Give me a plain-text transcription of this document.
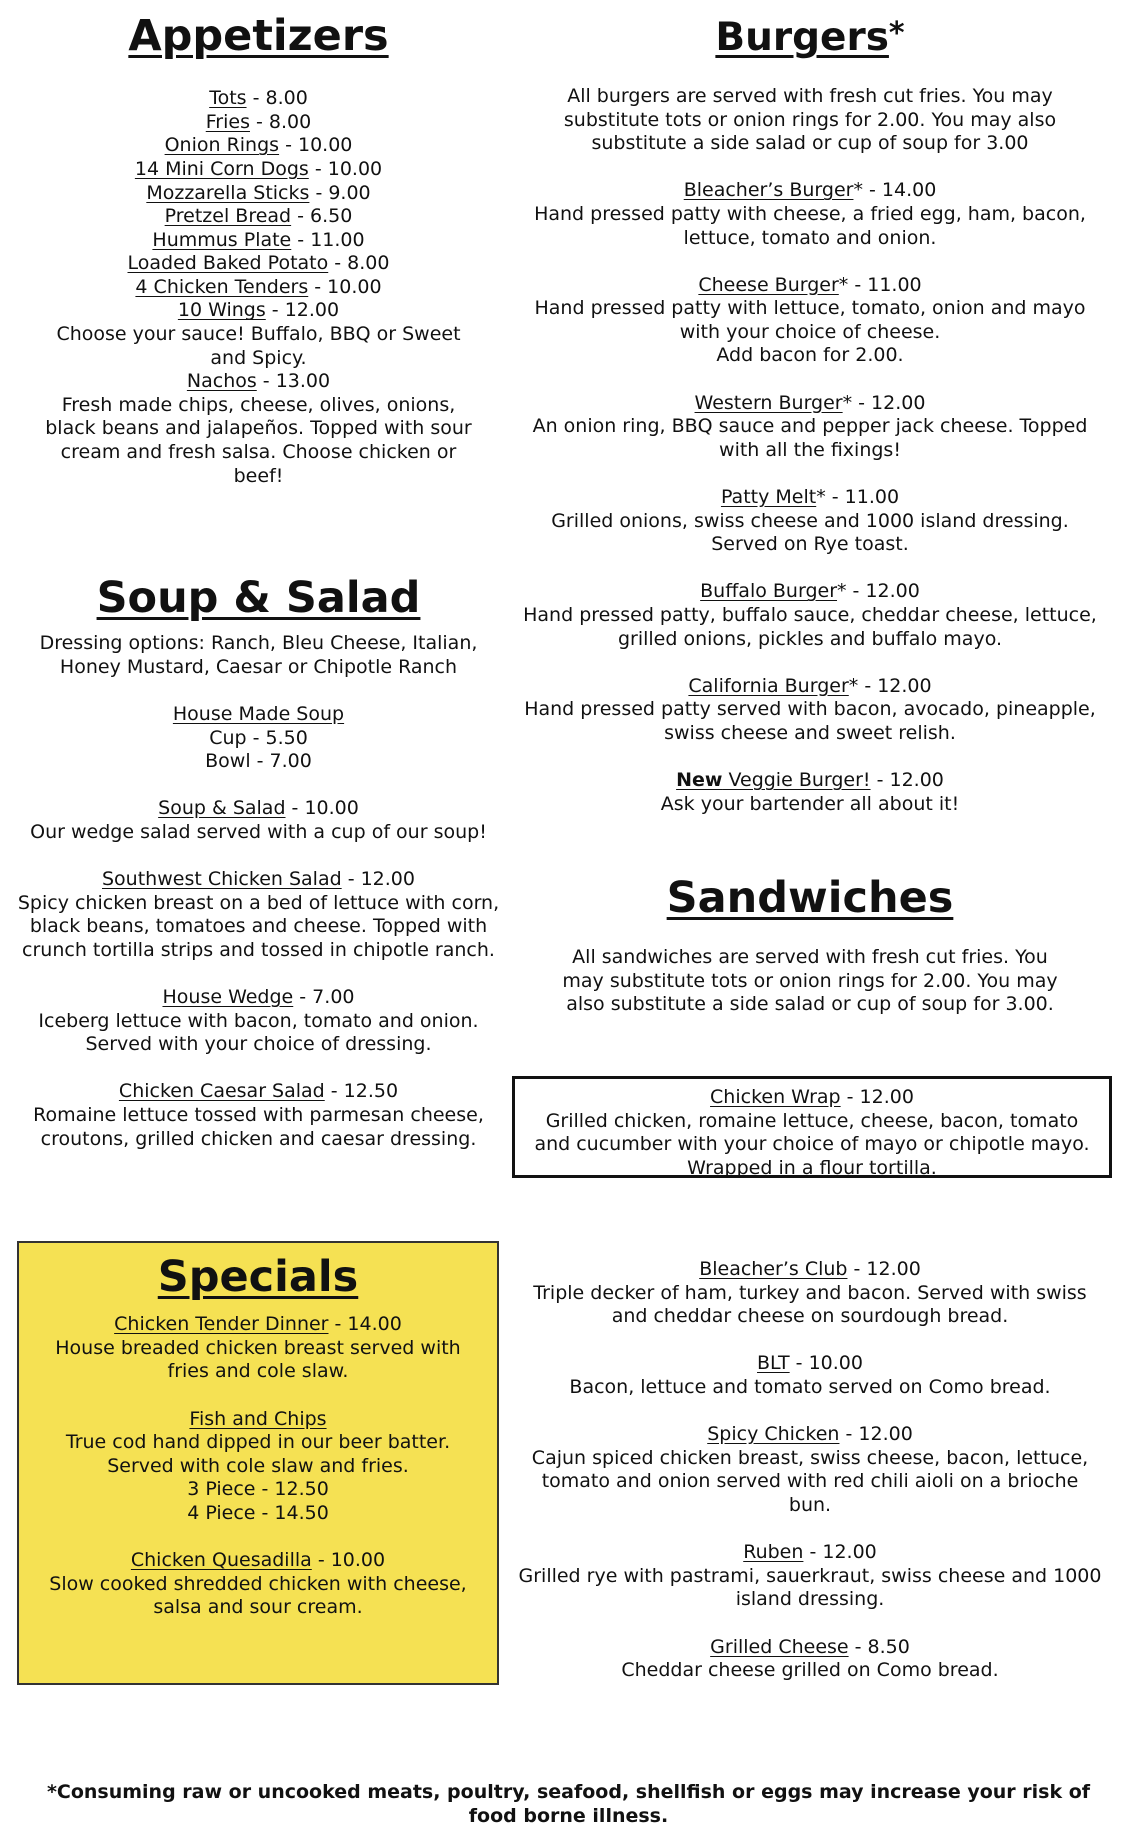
Appetizers
Tots - 8.00
Fries - 8.00
Onion Rings - 10.00
14 Mini Corn Dogs - 10.00
Mozzarella Sticks - 9.00
Pretzel Bread - 6.50
Hummus Plate - 11.00
Loaded Baked Potato - 8.00
4 Chicken Tenders - 10.00
10 Wings - 12.00
Choose your sauce! Buffalo, BBQ or Sweet and Spicy.
Nachos - 13.00
Fresh made chips, cheese, olives, onions, black beans and jalapeños. Topped with sour cream and fresh salsa. Choose chicken or beef!
Soup & Salad
Dressing options: Ranch, Bleu Cheese, Italian, Honey Mustard, Caesar or Chipotle Ranch
House Made Soup
Cup - 5.50
Bowl - 7.00
Soup & Salad - 10.00
Our wedge salad served with a cup of our soup!
Southwest Chicken Salad - 12.00
Spicy chicken breast on a bed of lettuce with corn, black beans, tomatoes and cheese. Topped with crunch tortilla strips and tossed in chipotle ranch.
House Wedge - 7.00
Iceberg lettuce with bacon, tomato and onion. Served with your choice of dressing.
Chicken Caesar Salad - 12.50
Romaine lettuce tossed with parmesan cheese, croutons, grilled chicken and caesar dressing.
Specials
Chicken Tender Dinner - 14.00
House breaded chicken breast served with fries and cole slaw.
Fish and Chips
True cod hand dipped in our beer batter. Served with cole slaw and fries.
3 Piece - 12.50
4 Piece - 14.50
Chicken Quesadilla - 10.00
Slow cooked shredded chicken with cheese, salsa and sour cream.
Burgers*
All burgers are served with fresh cut fries. You may substitute tots or onion rings for 2.00. You may also substitute a side salad or cup of soup for 3.00
Bleacher’s Burger* - 14.00
Hand pressed patty with cheese, a fried egg, ham, bacon, lettuce, tomato and onion.
Cheese Burger* - 11.00
Hand pressed patty with lettuce, tomato, onion and mayo with your choice of cheese.
Add bacon for 2.00.
Western Burger* - 12.00
An onion ring, BBQ sauce and pepper jack cheese. Topped with all the fixings!
Patty Melt* - 11.00
Grilled onions, swiss cheese and 1000 island dressing. Served on Rye toast.
Buffalo Burger* - 12.00
Hand pressed patty, buffalo sauce, cheddar cheese, lettuce, grilled onions, pickles and buffalo mayo.
California Burger* - 12.00
Hand pressed patty served with bacon, avocado, pineapple, swiss cheese and sweet relish.
New Veggie Burger! - 12.00
Ask your bartender all about it!
Sandwiches
All sandwiches are served with fresh cut fries. You may substitute tots or onion rings for 2.00. You may also substitute a side salad or cup of soup for 3.00.
Chicken Wrap - 12.00
Grilled chicken, romaine lettuce, cheese, bacon, tomato and cucumber with your choice of mayo or chipotle mayo. Wrapped in a flour tortilla.
Bleacher’s Club - 12.00
Triple decker of ham, turkey and bacon. Served with swiss and cheddar cheese on sourdough bread.
BLT - 10.00
Bacon, lettuce and tomato served on Como bread.
Spicy Chicken - 12.00
Cajun spiced chicken breast, swiss cheese, bacon, lettuce, tomato and onion served with red chili aioli on a brioche bun.
Ruben - 12.00
Grilled rye with pastrami, sauerkraut, swiss cheese and 1000 island dressing.
Grilled Cheese - 8.50
Cheddar cheese grilled on Como bread.
*Consuming raw or uncooked meats, poultry, seafood, shellfish or eggs may increase your risk of food borne illness.
